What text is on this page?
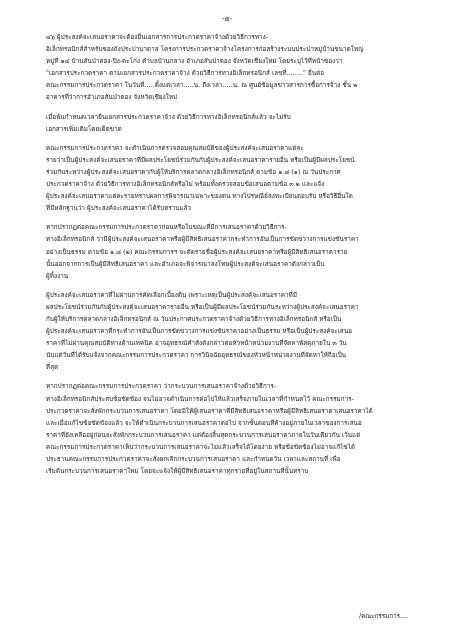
-๕-
๔๖ ผู้ประสงค์จะเสนอราคาจะต้องยื่นเอกสารการประกวดราคาจ้างด้วยวิธีการทาง-
อิเล็กทรอนิกส์สำหรับซองถังประปาบาดาล โครงการประกวดราคาจ้างโครงการก่อสร้างระบบประปาหมู่บ้านขนาดใหญ่
หมู่ที่ ๑๔ บ้านสันป่าตอง-ปิง-ตะโก่ง ตำบลบ้านกลาง อำเภอสันป่าตอง จังหวัดเชียงใหม่ โดยระบุไว้ที่หน้าซองว่า
"เอกสารประกวดราคา ตามเอกสารประกวดราคาจ้าง ด้วยวิธีการทางอิเล็กทรอนิกส์ เลขที่........" ยื่นต่อ
คณะกรรมการประกวดราคา ในวันที่.....ตั้งแต่เวลา.....น. ถึงเวลา.....น. ณ ศูนย์ข้อมูลข่าวสารการซื้อการจ้าง ชั้น ๒
อาคารที่ว่าการอำเภอสันป่าตอง จังหวัดเชียงใหม่
เมื่อพ้นกำหนดเวลายื่นเอกสารประกวดราคาจ้าง ด้วยวิธีการทางอิเล็กทรอนิกส์แล้ว จะไม่รับ
เอกสารเพิ่มเติมโดยเด็ดขาด
คณะกรรมการประกวดราคา จะดำเนินการตรวจสอบคุณสมบัติของผู้ประสงค์จะเสนอราคาแต่ละ
รายว่าเป็นผู้ประสงค์จะเสนอราคาที่มีผลประโยชน์ร่วมกันกับผู้ประสงค์จะเสนอราคารายอื่น หรือเป็นผู้มีผลประโยชน์
ร่วมกันระหว่างผู้ประสงค์จะเสนอราคากับผู้ให้บริการตลาดกลางอิเล็กทรอนิกส์ ตามข้อ ๑.๘ (๑) ณ วันประกาศ
ประกวดราคาจ้าง ด้วยวิธีการทางอิเล็กทรอนิกส์หรือไม่ พร้อมทั้งตรวจสอบข้อเสนอตามข้อ ๓.๒ และแจ้ง
ผู้ประสงค์จะเสนอราคาแต่ละรายทราบผลการพิจารณาเฉพาะของตน ทางไปรษณีย์ลงทะเบียนตอบรับ หรือวิธีอื่นใด
ที่มีหลักฐานว่า ผู้ประสงค์จะเสนอราคาได้รับทราบแล้ว
หากปรากฏต่อคณะกรรมการประกวดราคาก่อนหรือในขณะที่มีการเสนอราคาด้วยวิธีการ-
ทางอิเล็กทรอนิกส์ ว่ามีผู้ประสงค์จะเสนอราคาหรือผู้มีสิทธิเสนอราคากระทำการอันเป็นการขัดขวางการแข่งขันราคา
อย่างเป็นธรรม ตามข้อ ๑.๘ (๒) คณะกรรมการฯ จะตัดรายชื่อผู้ประสงค์จะเสนอราคาหรือผู้มีสิทธิเสนอราคาราย
นั้นออกจากการเป็นผู้มีสิทธิเสนอราคา และอำเภอจะพิจารณาลงโทษผู้ประสงค์จะเสนอราคาดังกล่าวเป็น
ผู้ทิ้งงาน
ผู้ประสงค์จะเสนอราคาที่ไม่ผ่านการคัดเลือกเบื้องต้น เพราะเหตุเป็นผู้ประสงค์จะเสนอราคาที่มี
ผลประโยชน์ร่วมกันกับผู้ประสงค์จะเสนอราคารายอื่น หรือเป็นผู้มีผลประโยชน์ร่วมกันระหว่างผู้ประสงค์จะเสนอราคา
กับผู้ให้บริการตลาดกลางอิเล็กทรอนิกส์ ณ วันประกาศประกวดราคาจ้างด้วยวิธีการทางอิเล็กทรอนิกส์ หรือเป็น
ผู้ประสงค์จะเสนอราคาที่กระทำการอันเป็นการขัดขวางการแข่งขันราคาอย่างเป็นธรรม หรือเป็นผู้ประสงค์จะเสนอ
ราคาที่ไม่ผ่านคุณสมบัติทางด้านเทคนิค อาจอุทธรณ์คำสั่งดังกล่าวต่อหัวหน้าหน่วยงานที่จัดหาพัสดุภายใน ๓ วัน
นับแต่วันที่ได้รับแจ้งจากคณะกรรมการประกวดราคา การวินิจฉัยอุทธรณ์ของหัวหน้าหน่วยงานที่จัดหาให้ถือเป็น
ที่สุด
หากปรากฏต่อคณะกรรมการประกวดราคา ว่ากระบวนการเสนอราคาจ้างด้วยวิธีการ-
ทางอิเล็กทรอนิกส์ประสบข้อขัดข้อง จนไม่อาจดำเนินการต่อไปให้แล้วเสร็จภายในเวลาที่กำหนดไว้ คณะกรรมการ-
ประกวดราคาจะสั่งพักกระบวนการเสนอราคา โดยมิให้ผู้เสนอราคาที่มีสิทธิเสนอราคาหรือผู้มีสิทธิเสนอราคาเสนอราคาได้
และเมื่อแก้ไขข้อขัดข้องแล้ว จะให้ดำเนินกระบวนการเสนอราคาต่อไป จากขั้นตอนที่ค้างอยู่ภายในเวลาของการเสนอ
ราคาที่ยังเหลืออยู่ก่อนจะสั่งพักกระบวนการเสนอราคา แต่ต้องสิ้นสุดกระบวนการเสนอราคาภายในวันเดียวกัน เว้นแต่
คณะกรรมการประกวดราคาเห็นว่ากระบวนการเสนอราคาจะไม่แล้วเสร็จได้โดยง่าย หรือข้อขัดข้องไม่อาจแก้ไขได้
ประธานคณะกรรมการประกวดราคาจะสั่งยกเลิกกระบวนการเสนอราคา และกำหนดวัน เวลาและสถานที่ เพื่อ
เริ่มต้นกระบวนการเสนอราคาใหม่ โดยจะแจ้งให้ผู้มีสิทธิเสนอราคาทุกรายที่อยู่ในสถานที่นั้นทราบ
/คณะกรรมการ....
